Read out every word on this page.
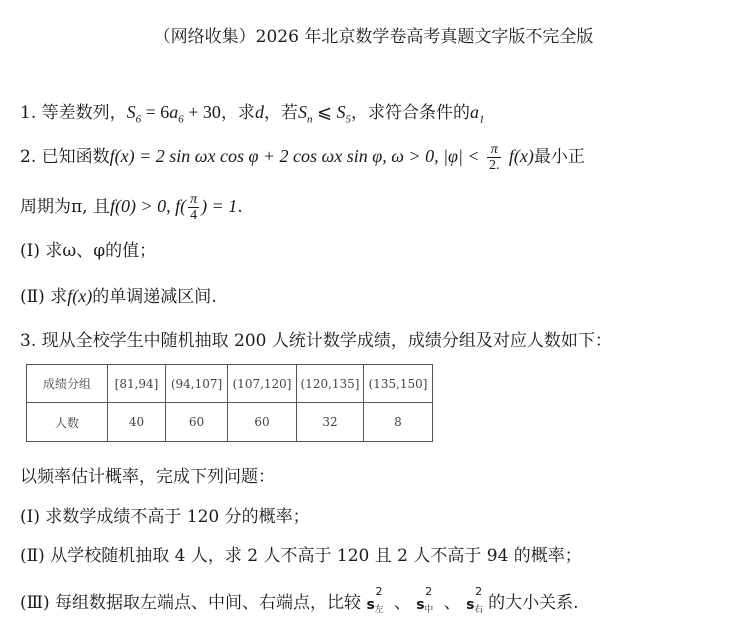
（网络收集）2026 年北京数学卷高考真题文字版不完全版
1. 等差数列，$S_6 = 6a_6 + 30$，求d，若$S_n$ ⩽ $S_5$，求符合条件的$a_1$
2. 已知函数f(x) = 2 sin ωx cos φ + 2 cos ωx sin φ, ω > 0, $|\varphi| < \frac{\pi}{2.} f(x)$最小正
周期为π, 且f(0) > 0, $f( \frac{\pi}{4}$ ) = 1.
(Ⅰ) 求ω、φ的值；
(Ⅱ) 求f(x)的单调递减区间.
3. 现从全校学生中随机抽取 200 人统计数学成绩，成绩分组及对应人数如下：
成绩分组	[81,94]	(94,107]	(107,120]	(120,135]	(135,150]
人数	40	60	60	32	8
以频率估计概率，完成下列问题：
(Ⅰ) 求数学成绩不高于 120 分的概率；
(Ⅱ) 从学校随机抽取 4 人，求 2 人不高于 120 且 2 人不高于 94 的概率；
(Ⅲ) 每组数据取左端点、中间、右端点，比较 s
2
左 、 s
2
中 、 s
2
右 的大小关系.
